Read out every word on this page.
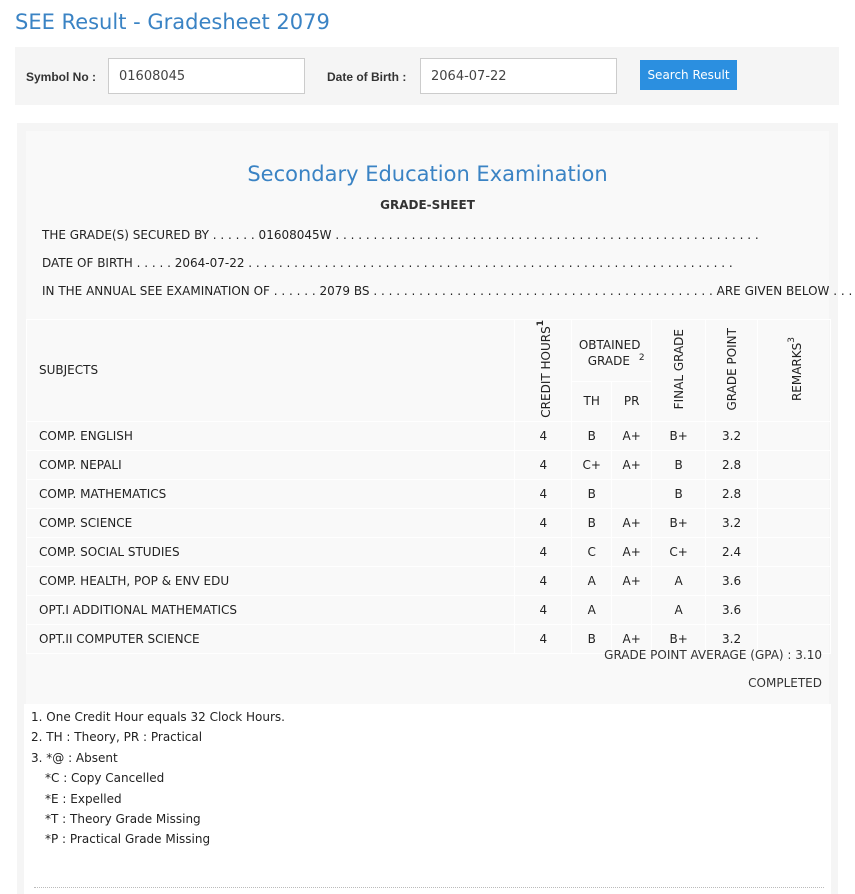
SEE Result - Gradesheet 2079
Symbol No :
01608045	Date of Birth :
2064-07-22	Search Result
Secondary Education Examination
GRADE-SHEET
THE GRADE(S) SECURED BY . . . . . . 01608045W . . . . . . . . . . . . . . . . . . . . . . . . . . . . . . . . . . . . . . . . . . . . . . . . . . . . . . . .
DATE OF BIRTH . . . . . 2064-07-22 . . . . . . . . . . . . . . . . . . . . . . . . . . . . . . . . . . . . . . . . . . . . . . . . . . . . . . . . . . . . . . . .
IN THE ANNUAL SEE EXAMINATION OF . . . . . . 2079 BS . . . . . . . . . . . . . . . . . . . . . . . . . . . . . . . . . . . . . . . . . . . . . ARE GIVEN BELOW . . .
SUBJECTS	CREDIT HOURS$^1$	OBTAINED GRADE $^2$		FINAL GRADE	GRADE POINT	REMARKS$^3$
		TH	PR			
COMP. ENGLISH	4	B	A+	B+	3.2	
COMP. NEPALI	4	C+	A+	B	2.8	
COMP. MATHEMATICS	4	B		B	2.8	
COMP. SCIENCE	4	B	A+	B+	3.2	
COMP. SOCIAL STUDIES	4	C	A+	C+	2.4	
COMP. HEALTH, POP & ENV EDU	4	A	A+	A	3.6	
OPT.I ADDITIONAL MATHEMATICS	4	A		A	3.6	
OPT.II COMPUTER SCIENCE	4	B	A+	B+	3.2	
GRADE POINT AVERAGE (GPA) : 3.10
COMPLETED
1. One Credit Hour equals 32 Clock Hours.
2. TH : Theory, PR : Practical
3. *@ : Absent
*C : Copy Cancelled
*E : Expelled
*T : Theory Grade Missing
*P : Practical Grade Missing
